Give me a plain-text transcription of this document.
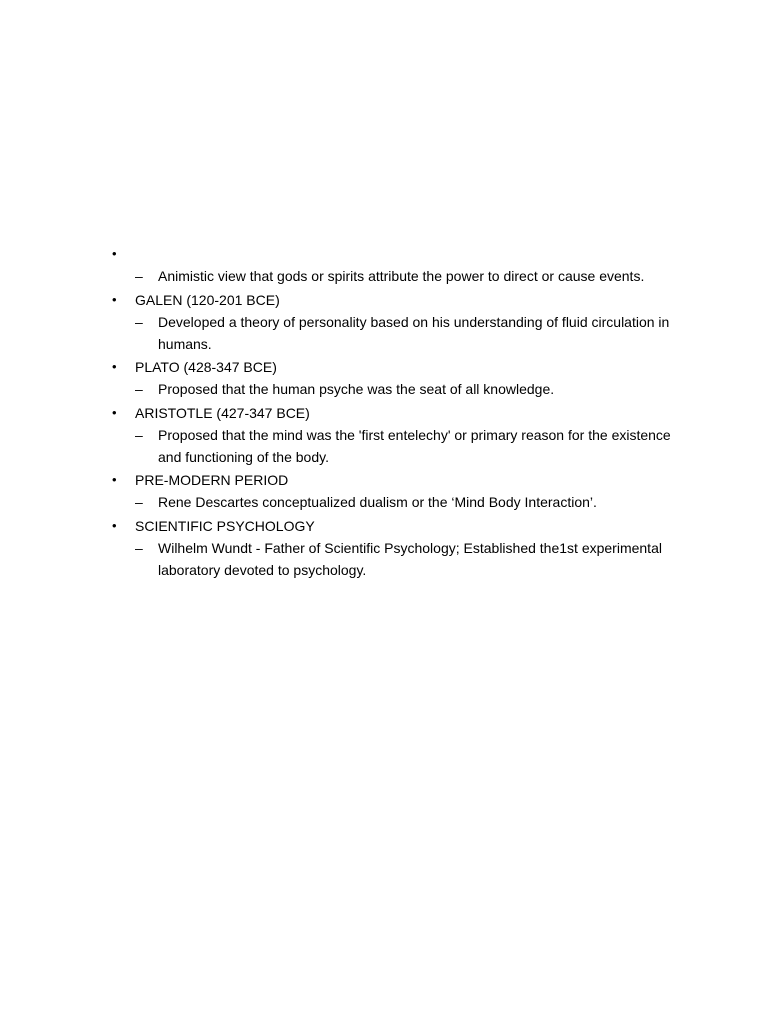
•
–	Animistic view that gods or spirits attribute the power to direct or cause events.
•	GALEN (120-201 BCE)
–	Developed a theory of personality based on his understanding of fluid circulation in humans.
•	PLATO (428-347 BCE)
–	Proposed that the human psyche was the seat of all knowledge.
•	ARISTOTLE (427-347 BCE)
–	Proposed that the mind was the 'first entelechy' or primary reason for the existence and functioning of the body.
•	PRE-MODERN PERIOD
–	Rene Descartes conceptualized dualism or the ‘Mind Body Interaction’.
•	SCIENTIFIC PSYCHOLOGY
–	Wilhelm Wundt - Father of Scientific Psychology; Established the1st experimental laboratory devoted to psychology.
